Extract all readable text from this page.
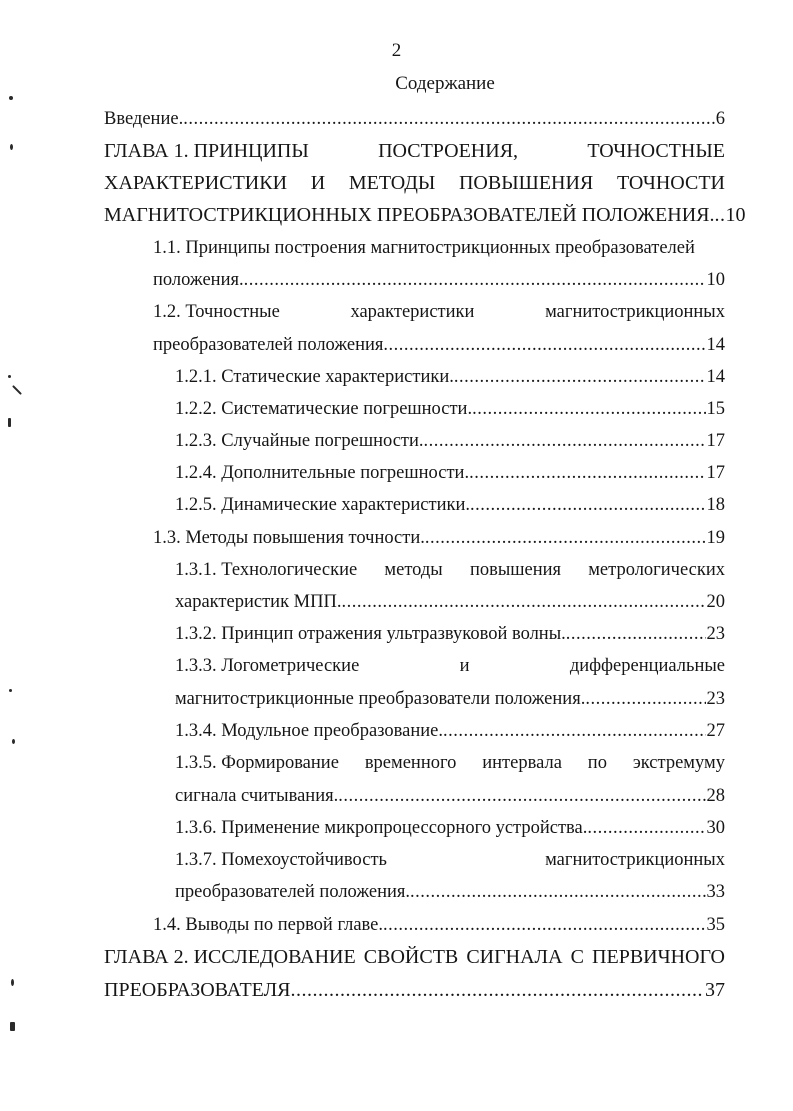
2
Содержание
Введение. .....	6
ГЛАВА 1. ПРИНЦИПЫ	ПОСТРОЕНИЯ,	ТОЧНОСТНЫЕ
ХАРАКТЕРИСТИКИ И МЕТОДЫ ПОВЫШЕНИЯ ТОЧНОСТИ
МАГНИТОСТРИКЦИОННЫХ ПРЕОБРАЗОВАТЕЛЕЙ ПОЛОЖЕНИЯ. ..... 10
1.1. Принципы построения магнитострикционных преобразователей
положения. .....	10
1.2. Точностные	характеристики	магнитострикционных
преобразователей положения .....	14
1.2.1. Статические характеристики. .....	14
1.2.2. Систематические погрешности. .....	15
1.2.3. Случайные погрешности. .....	17
1.2.4. Дополнительные погрешности. .....	17
1.2.5. Динамические характеристики. .....	18
1.3. Методы повышения точности. .....	19
1.3.1. Технологические методы повышения метрологических
характеристик МПП. .....	20
1.3.2. Принцип отражения ультразвуковой волны. .....	23
1.3.3. Логометрические	и	дифференциальные
магнитострикционные преобразователи положения. .....	23
1.3.4. Модульное преобразование. .....	27
1.3.5. Формирование временного интервала по экстремуму
сигнала считывания. .....	28
1.3.6. Применение микропроцессорного устройства. .....	30
1.3.7. Помехоустойчивость	магнитострикционных
преобразователей положения. .....	33
1.4. Выводы по первой главе. .....	35
ГЛАВА 2. ИССЛЕДОВАНИЕ СВОЙСТВ СИГНАЛА С ПЕРВИЧНОГО
ПРЕОБРАЗОВАТЕЛЯ .....	37
